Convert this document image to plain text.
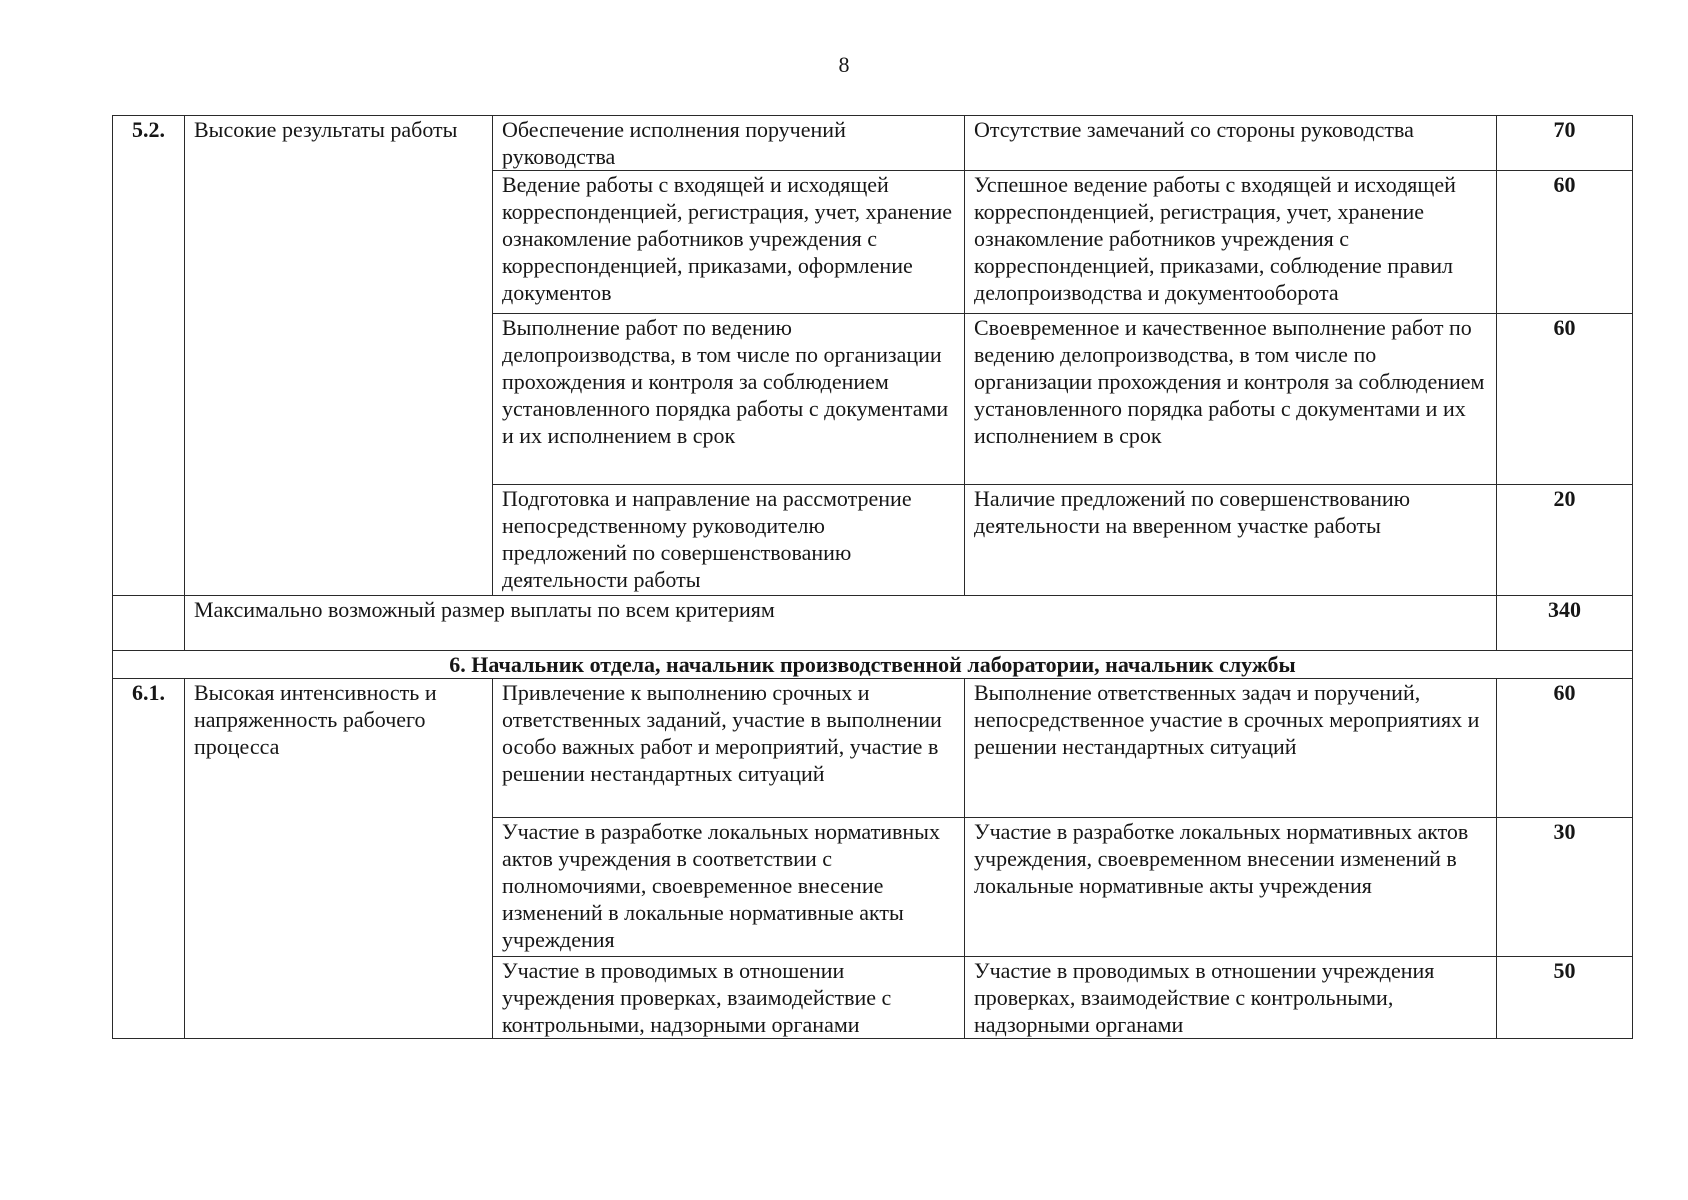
8
5.2.	Высокие результаты работы	Обеспечение исполнения поручений руководства	Отсутствие замечаний со стороны руководства	70
		Ведение работы с входящей и исходящей корреспонденцией, регистрация, учет, хранение ознакомление работников учреждения с корреспонденцией, приказами, оформление документов	Успешное ведение работы с входящей и исходящей корреспонденцией, регистрация, учет, хранение ознакомление работников учреждения с корреспонденцией, приказами, соблюдение правил делопроизводства и документооборота	60
		Выполнение работ по ведению делопроизводства, в том числе по организации прохождения и контроля за соблюдением установленного порядка работы с документами и их исполнением в срок	Своевременное и качественное выполнение работ по ведению делопроизводства, в том числе по организации прохождения и контроля за соблюдением установленного порядка работы с документами и их исполнением в срок	60
		Подготовка и направление на рассмотрение непосредственному руководителю предложений по совершенствованию деятельности работы	Наличие предложений по совершенствованию деятельности на вверенном участке работы	20
	Максимально возможный размер выплаты по всем критериям			340
6. Начальник отдела, начальник производственной лаборатории, начальник службы				
6.1.	Высокая интенсивность и напряженность рабочего процесса	Привлечение к выполнению срочных и ответственных заданий, участие в выполнении особо важных работ и мероприятий, участие в решении нестандартных ситуаций	Выполнение ответственных задач и поручений, непосредственное участие в срочных мероприятиях и решении нестандартных ситуаций	60
		Участие в разработке локальных нормативных актов учреждения в соответствии с полномочиями, своевременное внесение изменений в локальные нормативные акты учреждения	Участие в разработке локальных нормативных актов учреждения, своевременном внесении изменений в локальные нормативные акты учреждения	30
		Участие в проводимых в отношении учреждения проверках, взаимодействие с контрольными, надзорными органами	Участие в проводимых в отношении учреждения проверках, взаимодействие с контрольными, надзорными органами	50
